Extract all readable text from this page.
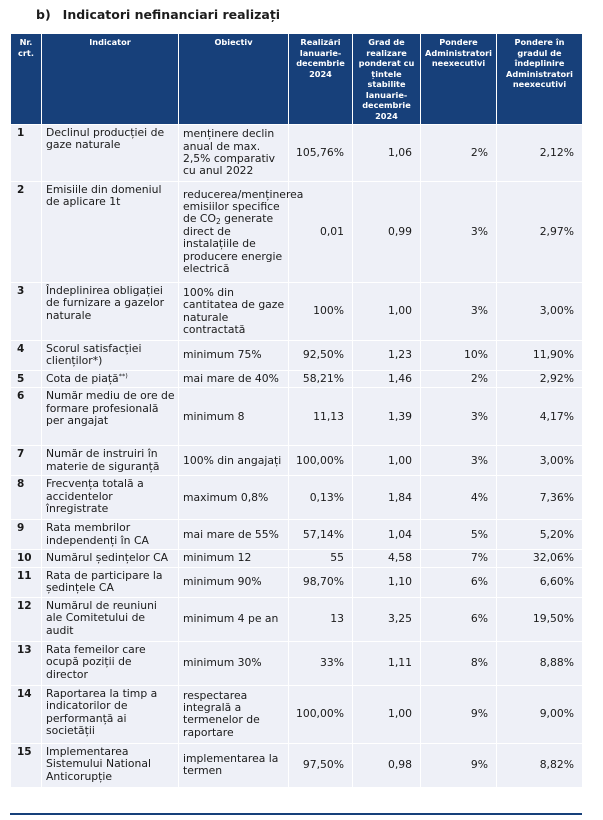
b) Indicatori nefinanciari realizați
Nr. crt.	Indicator	Obiectiv	Realizări Ianuarie-decembrie 2024	Grad de realizare ponderat cu țintele stabilite Ianuarie-decembrie 2024	Pondere Administratori neexecutivi	Pondere în gradul de îndeplinire Administratori neexecutivi
1	Declinul producției de gaze naturale	menținere declin anual de max. 2,5% comparativ cu anul 2022	105,76%	1,06	2%	2,12%
2	Emisiile din domeniul de aplicare 1t	reducerea/menținerea emisiilor specifice de $CO_2$ generate direct de instalațiile de producere energie electrică	0,01	0,99	3%	2,97%
3	Îndeplinirea obligației de furnizare a gazelor naturale	100% din cantitatea de gaze naturale contractată	100%	1,00	3%	3,00%
4	Scorul satisfacției clienților*)	minimum 75%	92,50%	1,23	10%	11,90%
5	Cota de piață**)	mai mare de 40%	58,21%	1,46	2%	2,92%
6	Număr mediu de ore de formare profesională per angajat	minimum 8	11,13	1,39	3%	4,17%
7	Număr de instruiri în materie de siguranță	100% din angajați	100,00%	1,00	3%	3,00%
8	Frecvența totală a accidentelor înregistrate	maximum 0,8%	0,13%	1,84	4%	7,36%
9	Rata membrilor independenți în CA	mai mare de 55%	57,14%	1,04	5%	5,20%
10	Numărul ședințelor CA	minimum 12	55	4,58	7%	32,06%
11	Rata de participare la ședințele CA	minimum 90%	98,70%	1,10	6%	6,60%
12	Numărul de reuniuni ale Comitetului de audit	minimum 4 pe an	13	3,25	6%	19,50%
13	Rata femeilor care ocupă poziții de director	minimum 30%	33%	1,11	8%	8,88%
14	Raportarea la timp a indicatorilor de performanță ai societății	respectarea integrală a termenelor de raportare	100,00%	1,00	9%	9,00%
15	Implementarea Sistemului National Anticorupție	implementarea la termen	97,50%	0,98	9%	8,82%
